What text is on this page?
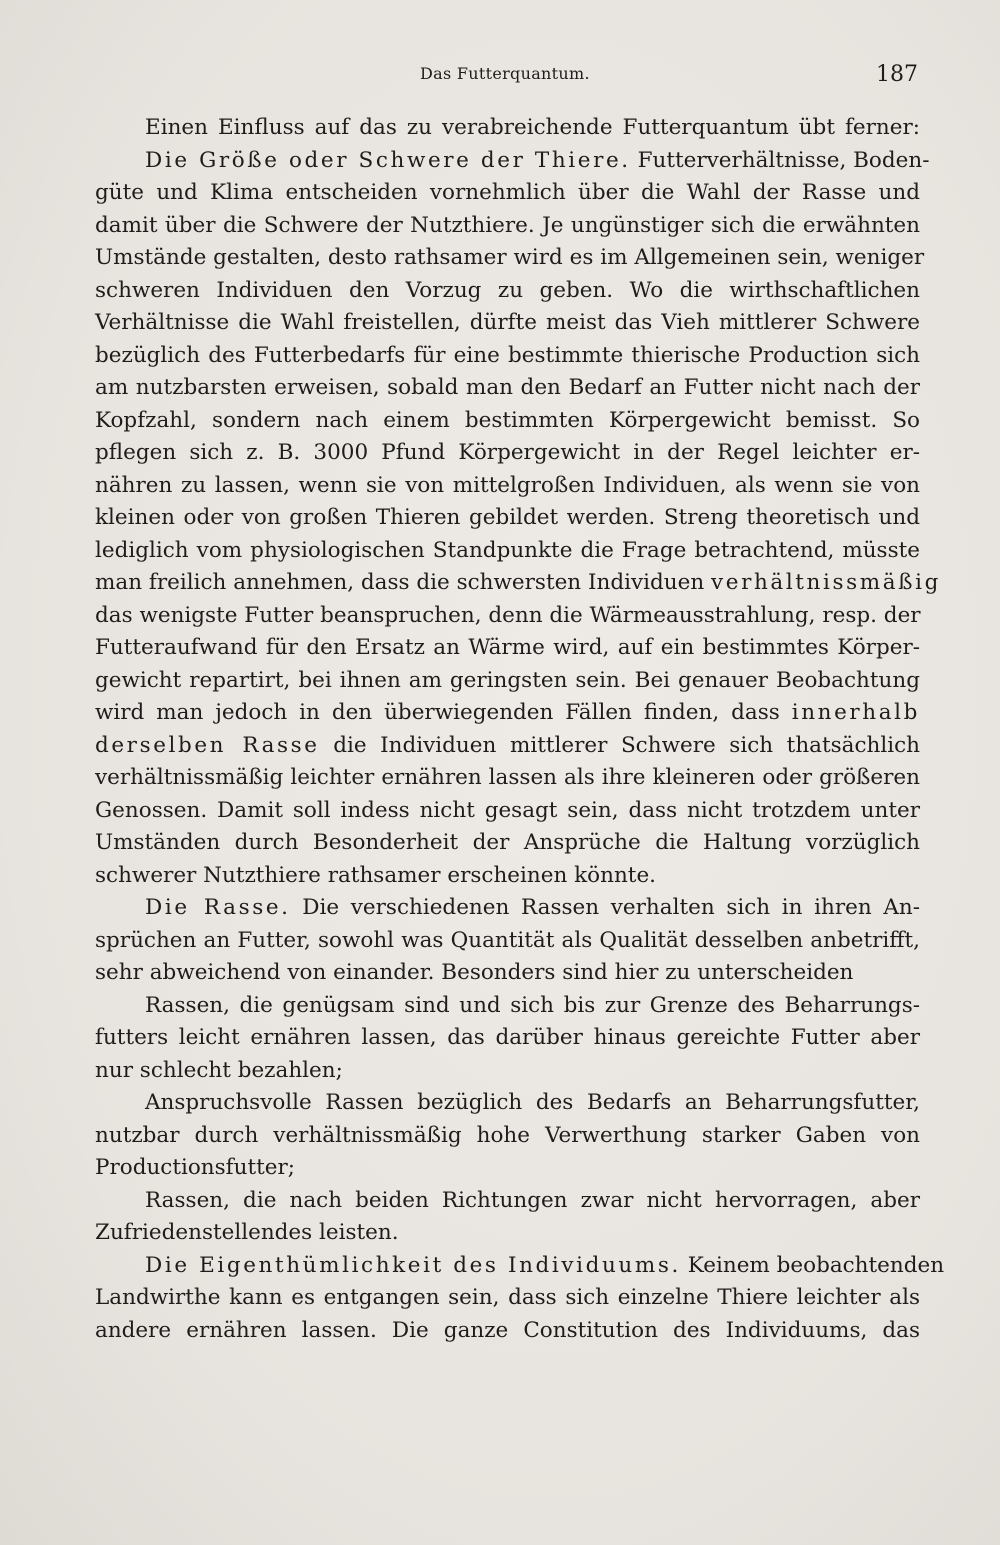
Das Futterquantum.	187
Einen Einfluss auf das zu verabreichende Futterquantum übt ferner:
Die Größe oder Schwere der Thiere. Futterverhältnisse, Boden-
güte und Klima entscheiden vornehmlich über die Wahl der Rasse und
damit über die Schwere der Nutzthiere. Je ungünstiger sich die erwähnten
Umstände gestalten, desto rathsamer wird es im Allgemeinen sein, weniger
schweren Individuen den Vorzug zu geben. Wo die wirthschaftlichen
Verhältnisse die Wahl freistellen, dürfte meist das Vieh mittlerer Schwere
bezüglich des Futterbedarfs für eine bestimmte thierische Production sich
am nutzbarsten erweisen, sobald man den Bedarf an Futter nicht nach der
Kopfzahl, sondern nach einem bestimmten Körpergewicht bemisst. So
pflegen sich z. B. 3000 Pfund Körpergewicht in der Regel leichter er-
nähren zu lassen, wenn sie von mittelgroßen Individuen, als wenn sie von
kleinen oder von großen Thieren gebildet werden. Streng theoretisch und
lediglich vom physiologischen Standpunkte die Frage betrachtend, müsste
man freilich annehmen, dass die schwersten Individuen verhältnissmäßig
das wenigste Futter beanspruchen, denn die Wärmeausstrahlung, resp. der
Futteraufwand für den Ersatz an Wärme wird, auf ein bestimmtes Körper-
gewicht repartirt, bei ihnen am geringsten sein. Bei genauer Beobachtung
wird man jedoch in den überwiegenden Fällen finden, dass innerhalb
derselben Rasse die Individuen mittlerer Schwere sich thatsächlich
verhältnissmäßig leichter ernähren lassen als ihre kleineren oder größeren
Genossen. Damit soll indess nicht gesagt sein, dass nicht trotzdem unter
Umständen durch Besonderheit der Ansprüche die Haltung vorzüglich
schwerer Nutzthiere rathsamer erscheinen könnte.
Die Rasse. Die verschiedenen Rassen verhalten sich in ihren An-
sprüchen an Futter, sowohl was Quantität als Qualität desselben anbetrifft,
sehr abweichend von einander. Besonders sind hier zu unterscheiden
Rassen, die genügsam sind und sich bis zur Grenze des Beharrungs-
futters leicht ernähren lassen, das darüber hinaus gereichte Futter aber
nur schlecht bezahlen;
Anspruchsvolle Rassen bezüglich des Bedarfs an Beharrungsfutter,
nutzbar durch verhältnissmäßig hohe Verwerthung starker Gaben von
Productionsfutter;
Rassen, die nach beiden Richtungen zwar nicht hervorragen, aber
Zufriedenstellendes leisten.
Die Eigenthümlichkeit des Individuums. Keinem beobachtenden
Landwirthe kann es entgangen sein, dass sich einzelne Thiere leichter als
andere ernähren lassen. Die ganze Constitution des Individuums, das
